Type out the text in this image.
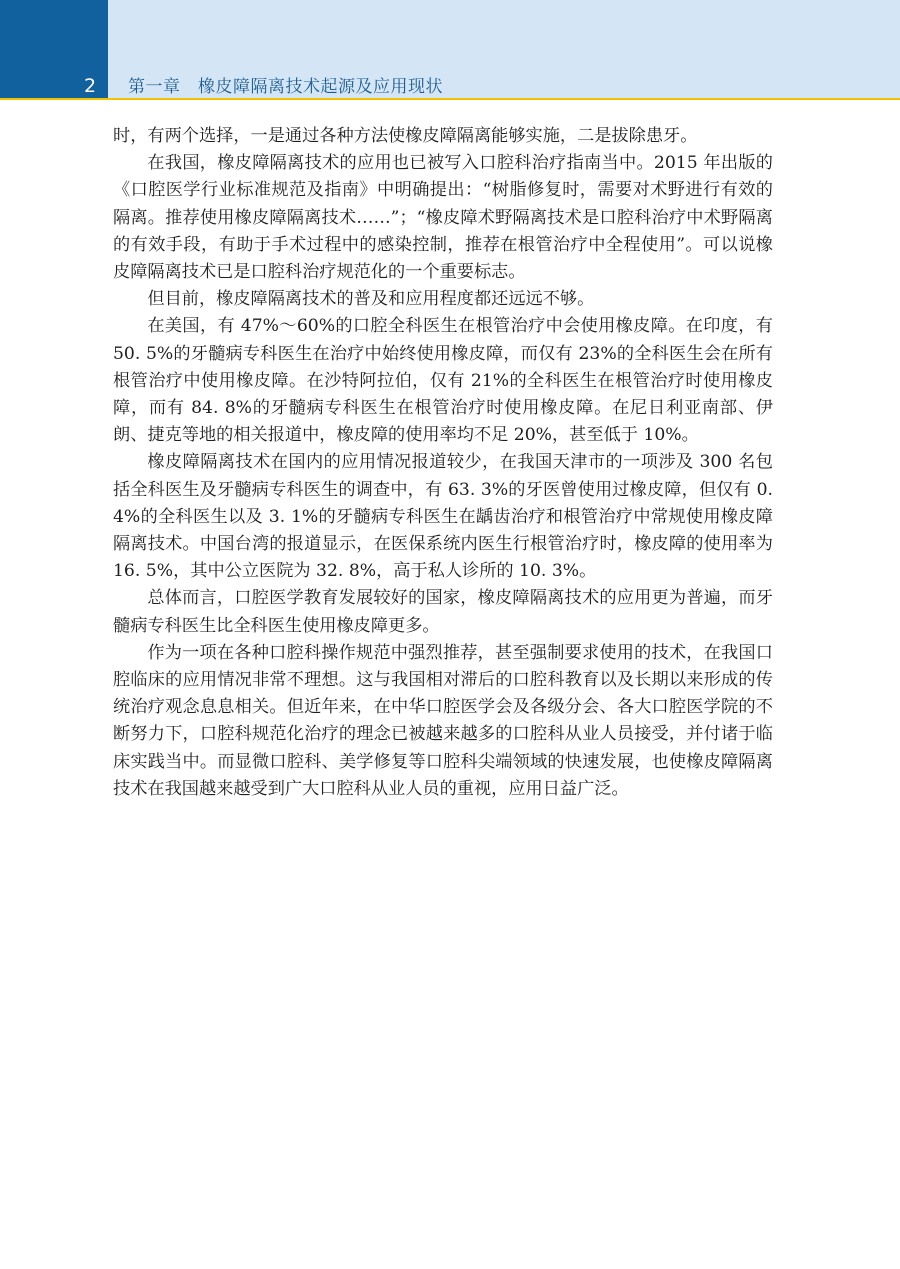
2	第一章　橡皮障隔离技术起源及应用现状

时，有两个选择，一是通过各种方法使橡皮障隔离能够实施，二是拔除患牙。

在我国，橡皮障隔离技术的应用也已被写入口腔科治疗指南当中。2015 年出版的《口腔医学行业标准规范及指南》中明确提出：“树脂修复时，需要对术野进行有效的隔离。推荐使用橡皮障隔离技术……”；“橡皮障术野隔离技术是口腔科治疗中术野隔离的有效手段，有助于手术过程中的感染控制，推荐在根管治疗中全程使用”。可以说橡皮障隔离技术已是口腔科治疗规范化的一个重要标志。

但目前，橡皮障隔离技术的普及和应用程度都还远远不够。

在美国，有 47%～60%的口腔全科医生在根管治疗中会使用橡皮障。在印度，有 50. 5%的牙髓病专科医生在治疗中始终使用橡皮障，而仅有 23%的全科医生会在所有根管治疗中使用橡皮障。在沙特阿拉伯，仅有 21%的全科医生在根管治疗时使用橡皮障，而有 84. 8%的牙髓病专科医生在根管治疗时使用橡皮障。在尼日利亚南部、伊朗、捷克等地的相关报道中，橡皮障的使用率均不足 20%，甚至低于 10%。

橡皮障隔离技术在国内的应用情况报道较少，在我国天津市的一项涉及 300 名包括全科医生及牙髓病专科医生的调查中，有 63. 3%的牙医曾使用过橡皮障，但仅有 0. 4%的全科医生以及 3. 1%的牙髓病专科医生在龋齿治疗和根管治疗中常规使用橡皮障隔离技术。中国台湾的报道显示，在医保系统内医生行根管治疗时，橡皮障的使用率为 16. 5%，其中公立医院为 32. 8%，高于私人诊所的 10. 3%。

总体而言，口腔医学教育发展较好的国家，橡皮障隔离技术的应用更为普遍，而牙髓病专科医生比全科医生使用橡皮障更多。

作为一项在各种口腔科操作规范中强烈推荐，甚至强制要求使用的技术，在我国口腔临床的应用情况非常不理想。这与我国相对滞后的口腔科教育以及长期以来形成的传统治疗观念息息相关。但近年来，在中华口腔医学会及各级分会、各大口腔医学院的不断努力下，口腔科规范化治疗的理念已被越来越多的口腔科从业人员接受，并付诸于临床实践当中。而显微口腔科、美学修复等口腔科尖端领域的快速发展，也使橡皮障隔离技术在我国越来越受到广大口腔科从业人员的重视，应用日益广泛。
